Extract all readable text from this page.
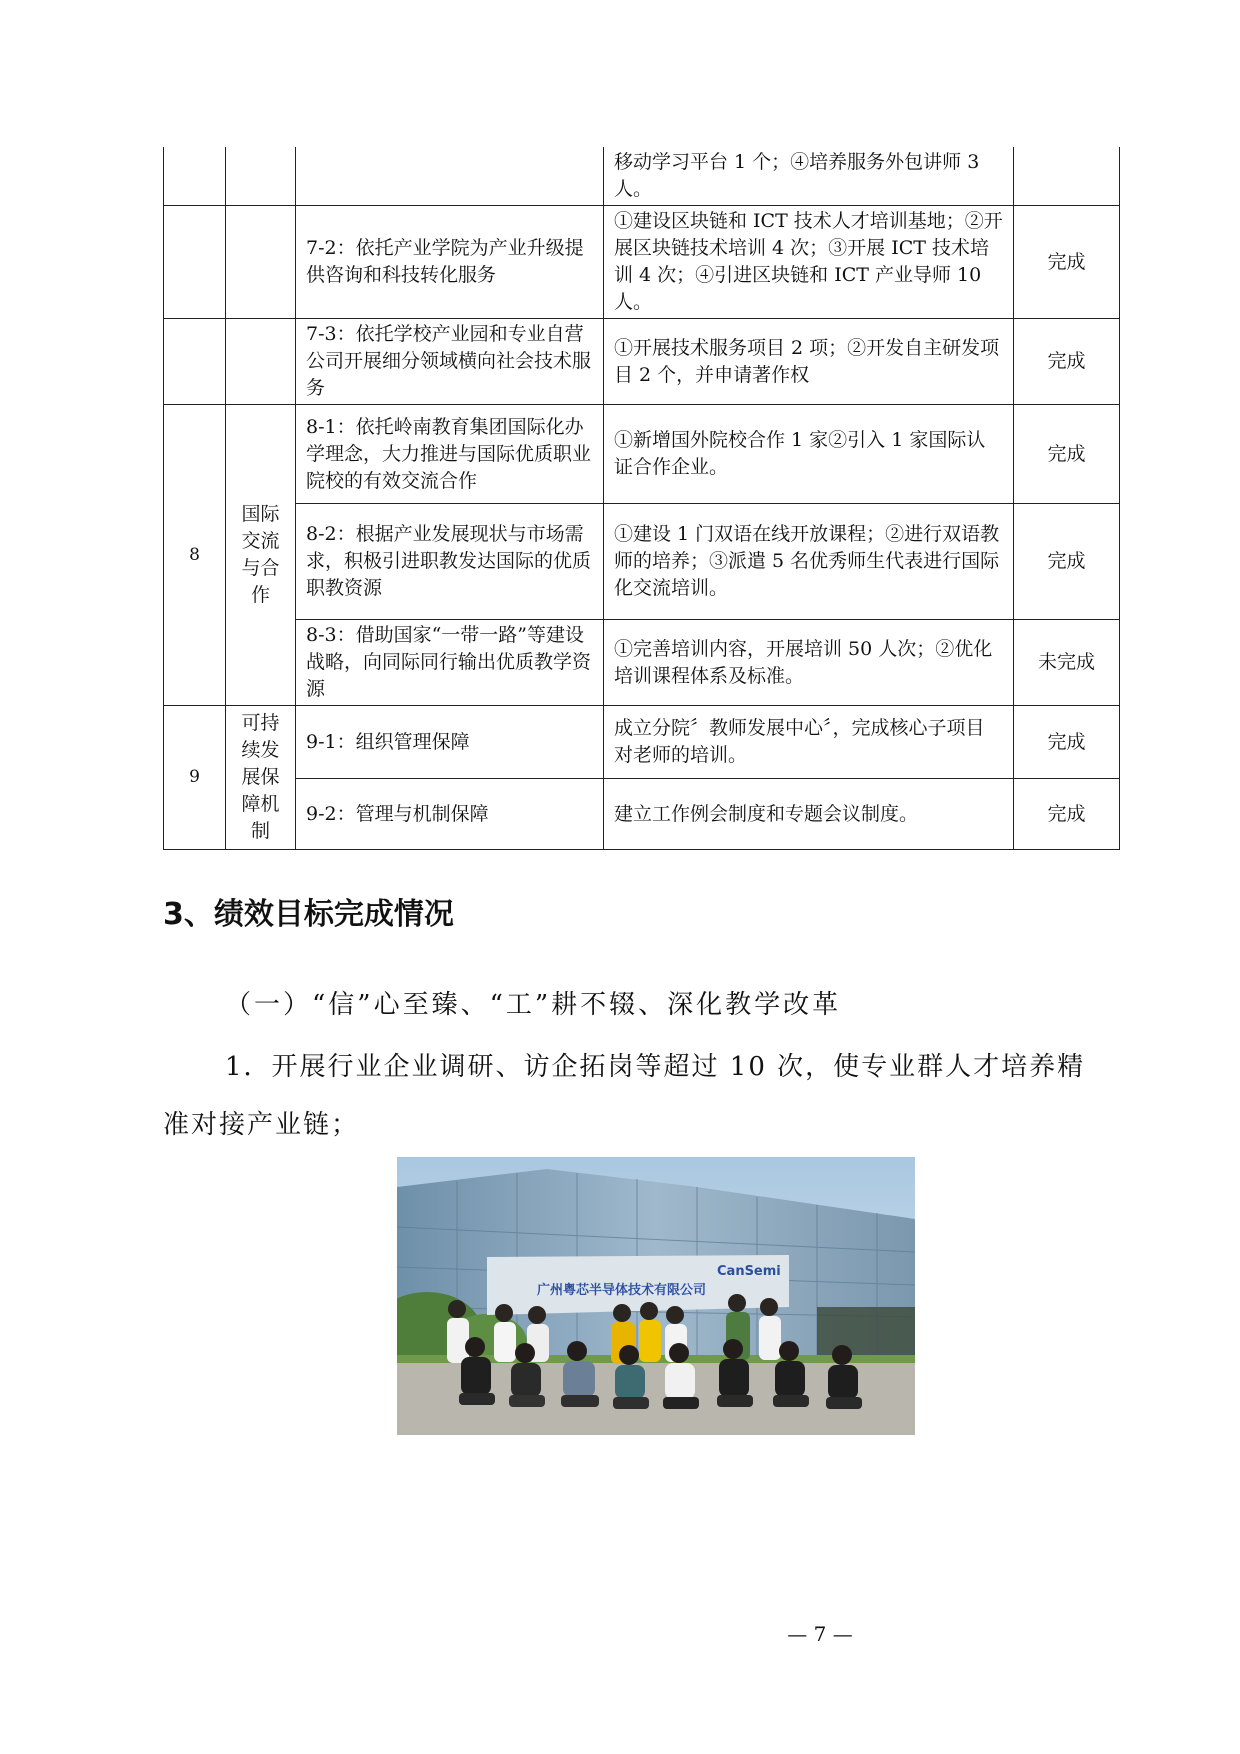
			移动学习平台 1 个；④培养服务外包讲师 3 人。	
		7-2：依托产业学院为产业升级提供咨询和科技转化服务	①建设区块链和 ICT 技术人才培训基地；②开展区块链技术培训 4 次；③开展 ICT 技术培训 4 次；④引进区块链和 ICT 产业导师 10 人。	完成
		7-3：依托学校产业园和专业自营公司开展细分领域横向社会技术服务	①开展技术服务项目 2 项；②开发自主研发项目 2 个，并申请著作权	完成
8	国际交流与合作	8-1：依托岭南教育集团国际化办学理念，大力推进与国际优质职业院校的有效交流合作	①新增国外院校合作 1 家②引入 1 家国际认证合作企业。	完成
		8-2：根据产业发展现状与市场需求，积极引进职教发达国际的优质职教资源	①建设 1 门双语在线开放课程；②进行双语教师的培养；③派遣 5 名优秀师生代表进行国际化交流培训。	完成
		8-3：借助国家“一带一路”等建设战略，向同际同行输出优质教学资源	①完善培训内容，开展培训 50 人次；②优化培训课程体系及标准。	未完成
9	可持续发展保障机制	9-1：组织管理保障	成立分院〞教师发展中心〞，完成核心子项目对老师的培训。	完成
		9-2：管理与机制保障	建立工作例会制度和专题会议制度。	完成
3、绩效目标完成情况

（一）“信”心至臻、“工”耕不辍、深化教学改革

1．开展行业企业调研、访企拓岗等超过 10 次，使专业群人才培养精准对接产业链；

CanSemi
广州粤芯半导体技术有限公司

— 7 —
